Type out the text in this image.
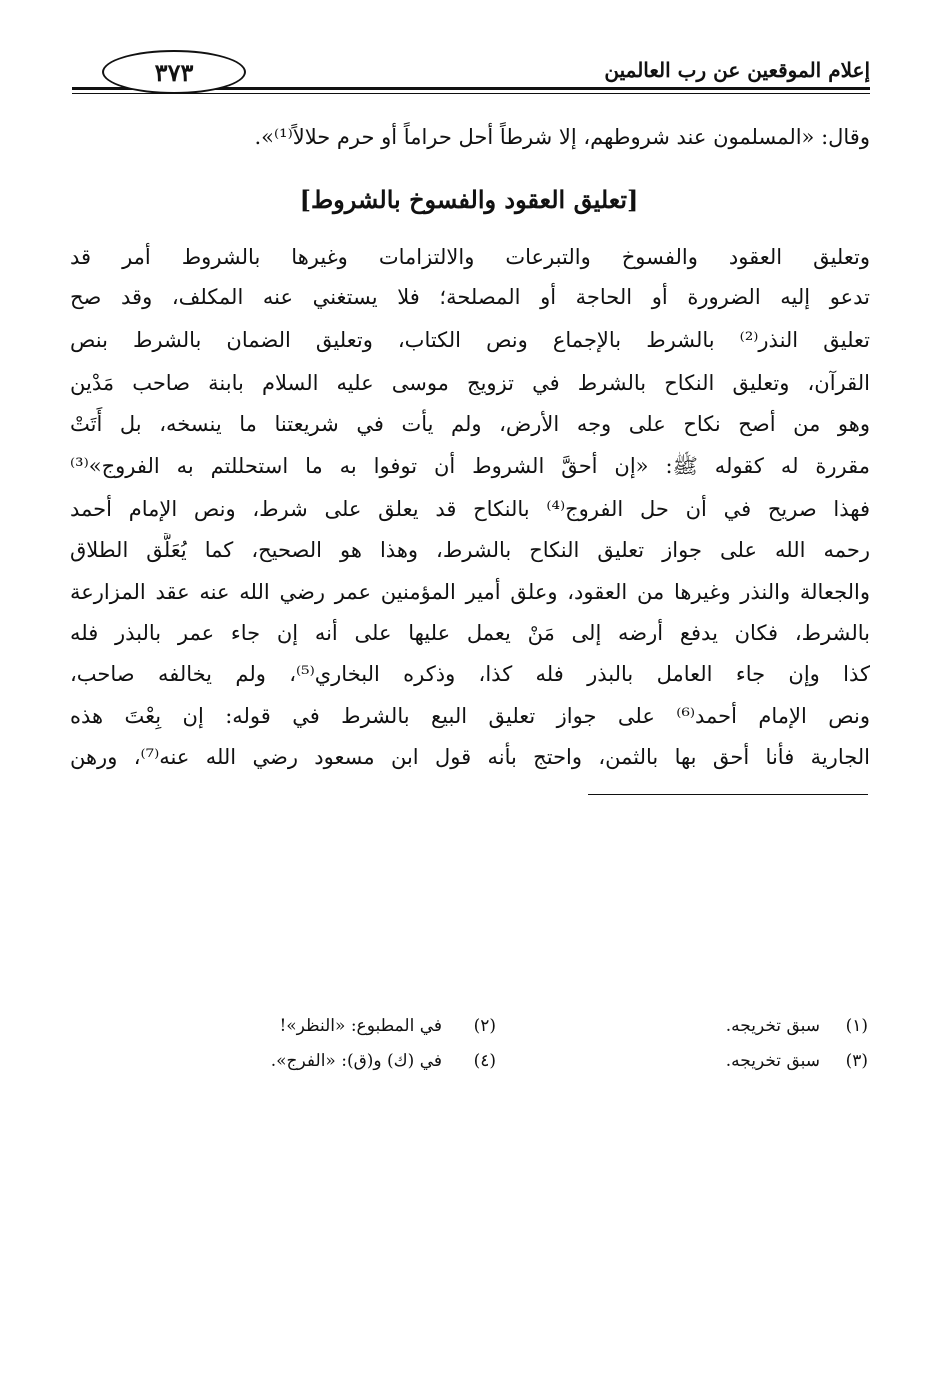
إعلام الموقعين عن رب العالمين
٣٧٣
وقال: «المسلمون عند شروطهم، إلا شرطاً أحل حراماً أو حرم حلالاً⁽¹⁾».
[تعليق العقود والفسوخ بالشروط]
وتعليق العقود والفسوخ والتبرعات والالتزامات وغيرها بالشروط أمر قد
تدعو إليه الضرورة أو الحاجة أو المصلحة؛ فلا يستغني عنه المكلف، وقد صح
تعليق النذر⁽²⁾ بالشرط بالإجماع ونص الكتاب، وتعليق الضمان بالشرط بنص
القرآن، وتعليق النكاح بالشرط في تزويج موسى عليه السلام بابنة صاحب مَدْين
وهو من أصح نكاح على وجه الأرض، ولم يأت في شريعتنا ما ينسخه، بل أَتَتْ
مقررة له كقوله ﷺ: «إن أحقَّ الشروط أن توفوا به ما استحللتم به الفروج»⁽³⁾
فهذا صريح في أن حل الفروج⁽⁴⁾ بالنكاح قد يعلق على شرط، ونص الإمام أحمد
رحمه الله على جواز تعليق النكاح بالشرط، وهذا هو الصحيح، كما يُعَلَّق الطلاق
والجعالة والنذر وغيرها من العقود، وعلق أمير المؤمنين عمر رضي الله عنه عقد المزارعة
بالشرط، فكان يدفع أرضه إلى مَنْ يعمل عليها على أنه إن جاء عمر بالبذر فله
كذا وإن جاء العامل بالبذر فله كذا، وذكره البخاري⁽⁵⁾، ولم يخالفه صاحب،
ونص الإمام أحمد⁽⁶⁾ على جواز تعليق البيع بالشرط في قوله: إن بِعْتَ هذه
الجارية فأنا أحق بها بالثمن، واحتج بأنه قول ابن مسعود رضي الله عنه⁽⁷⁾، ورهن
(١)
سبق تخريجه.
(٢)
في المطبوع: «النظر»!
(٣)
سبق تخريجه.
(٤)
في (ك) و(ق): «الفرج».
